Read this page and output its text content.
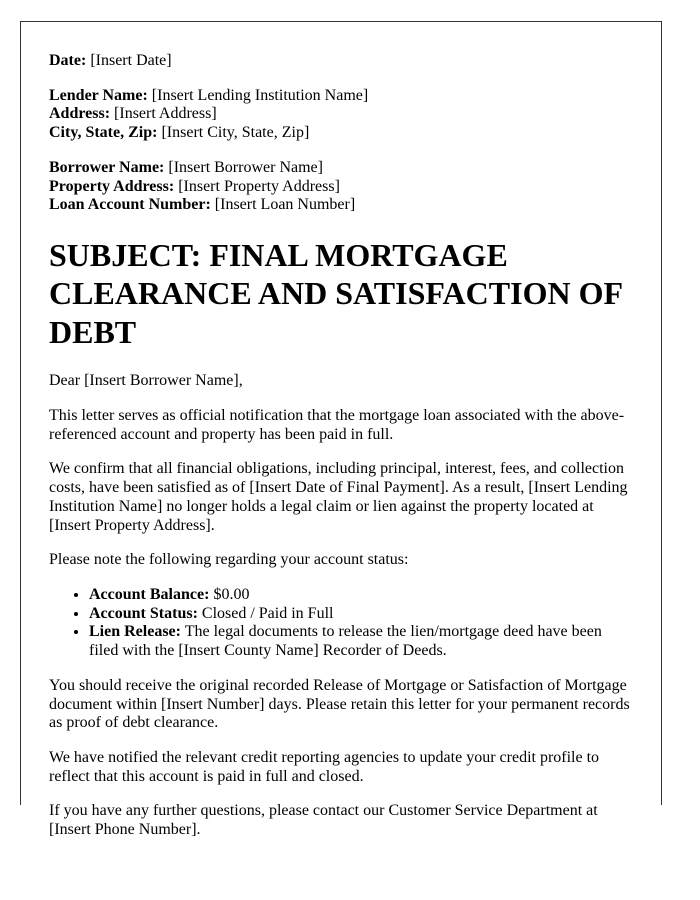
Date: [Insert Date]

Lender Name: [Insert Lending Institution Name]
Address: [Insert Address]
City, State, Zip: [Insert City, State, Zip]

Borrower Name: [Insert Borrower Name]
Property Address: [Insert Property Address]
Loan Account Number: [Insert Loan Number]

SUBJECT: FINAL MORTGAGE CLEARANCE AND SATISFACTION OF DEBT

Dear [Insert Borrower Name],

This letter serves as official notification that the mortgage loan associated with the above-referenced account and property has been paid in full.

We confirm that all financial obligations, including principal, interest, fees, and collection costs, have been satisfied as of [Insert Date of Final Payment]. As a result, [Insert Lending Institution Name] no longer holds a legal claim or lien against the property located at [Insert Property Address].

Please note the following regarding your account status:

• Account Balance: $0.00
• Account Status: Closed / Paid in Full
• Lien Release: The legal documents to release the lien/mortgage deed have been filed with the [Insert County Name] Recorder of Deeds.

You should receive the original recorded Release of Mortgage or Satisfaction of Mortgage document within [Insert Number] days. Please retain this letter for your permanent records as proof of debt clearance.

We have notified the relevant credit reporting agencies to update your credit profile to reflect that this account is paid in full and closed.

If you have any further questions, please contact our Customer Service Department at [Insert Phone Number].
